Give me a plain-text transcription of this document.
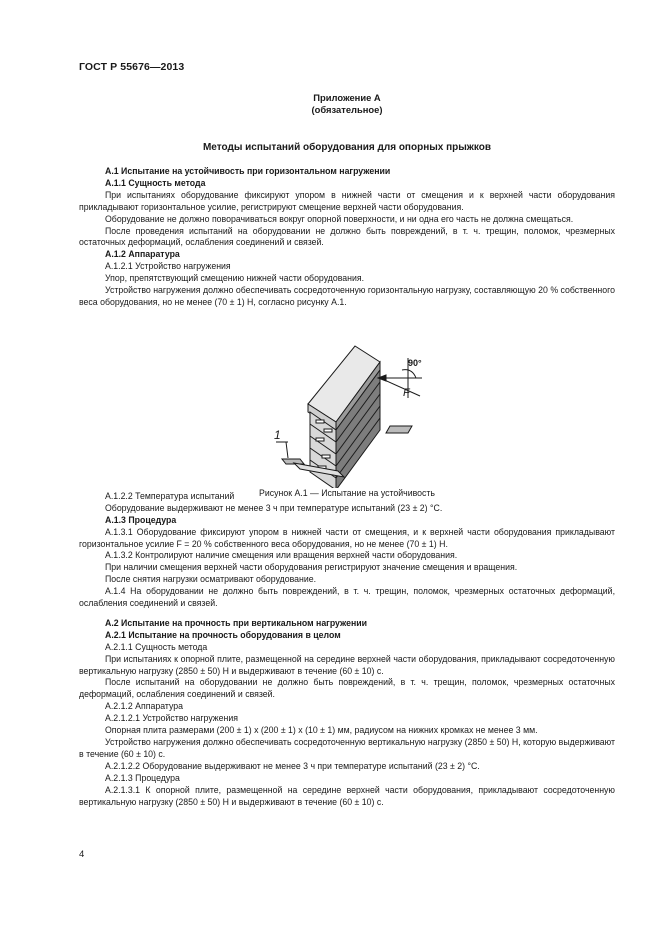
ГОСТ Р 55676—2013
Приложение А
(обязательное)
Методы испытаний оборудования для опорных прыжков

А.1 Испытание на устойчивость при горизонтальном нагружении

А.1.1 Сущность метода

При испытаниях оборудование фиксируют упором в нижней части от смещения и к верхней части оборудования прикладывают горизонтальное усилие, регистрируют смещение верхней части оборудования.

Оборудование не должно поворачиваться вокруг опорной поверхности, и ни одна его часть не должна смещаться.

После проведения испытаний на оборудовании не должно быть повреждений, в т. ч. трещин, поломок, чрезмерных остаточных деформаций, ослабления соединений и связей.

А.1.2 Аппаратура

А.1.2.1 Устройство нагружения

Упор, препятствующий смещению нижней части оборудования.

Устройство нагружения должно обеспечивать сосредоточенную горизонтальную нагрузку, составляющую 20 % собственного веса оборудования, но не менее (70 ± 1) Н, согласно рисунку А.1.

А.1.2.2 Температура испытаний

Оборудование выдерживают не менее 3 ч при температуре испытаний (23 ± 2) °С.

А.1.3 Процедура

А.1.3.1 Оборудование фиксируют упором в нижней части от смещения, и к верхней части оборудования прикладывают горизонтальное усилие F = 20 % собственного веса оборудования, но не менее (70 ± 1) Н.

А.1.3.2 Контролируют наличие смещения или вращения верхней части оборудования.

При наличии смещения верхней части оборудования регистрируют значение смещения и вращения.

После снятия нагрузки осматривают оборудование.

А.1.4 На оборудовании не должно быть повреждений, в т. ч. трещин, поломок, чрезмерных остаточных деформаций, ослабления соединений и связей.

А.2 Испытание на прочность при вертикальном нагружении

А.2.1 Испытание на прочность оборудования в целом

А.2.1.1 Сущность метода

При испытаниях к опорной плите, размещенной на середине верхней части оборудования, прикладывают сосредоточенную вертикальную нагрузку (2850 ± 50) Н и выдерживают в течение (60 ± 10) с.

После испытаний на оборудовании не должно быть повреждений, в т. ч. трещин, поломок, чрезмерных остаточных деформаций, ослабления соединений и связей.

А.2.1.2 Аппаратура

А.2.1.2.1 Устройство нагружения

Опорная плита размерами (200 ± 1) х (200 ± 1) х (10 ± 1) мм, радиусом на нижних кромках не менее 3 мм.

Устройство нагружения должно обеспечивать сосредоточенную вертикальную нагрузку (2850 ± 50) Н, которую выдерживают в течение (60 ± 10) с.

А.2.1.2.2 Оборудование выдерживают не менее 3 ч при температуре испытаний (23 ± 2) °С.

А.2.1.3 Процедура

А.2.1.3.1 К опорной плите, размещенной на середине верхней части оборудования, прикладывают сосредоточенную вертикальную нагрузку (2850 ± 50) Н и выдерживают в течение (60 ± 10) с.

90°
F
1
Рисунок А.1 — Испытание на устойчивость
4
